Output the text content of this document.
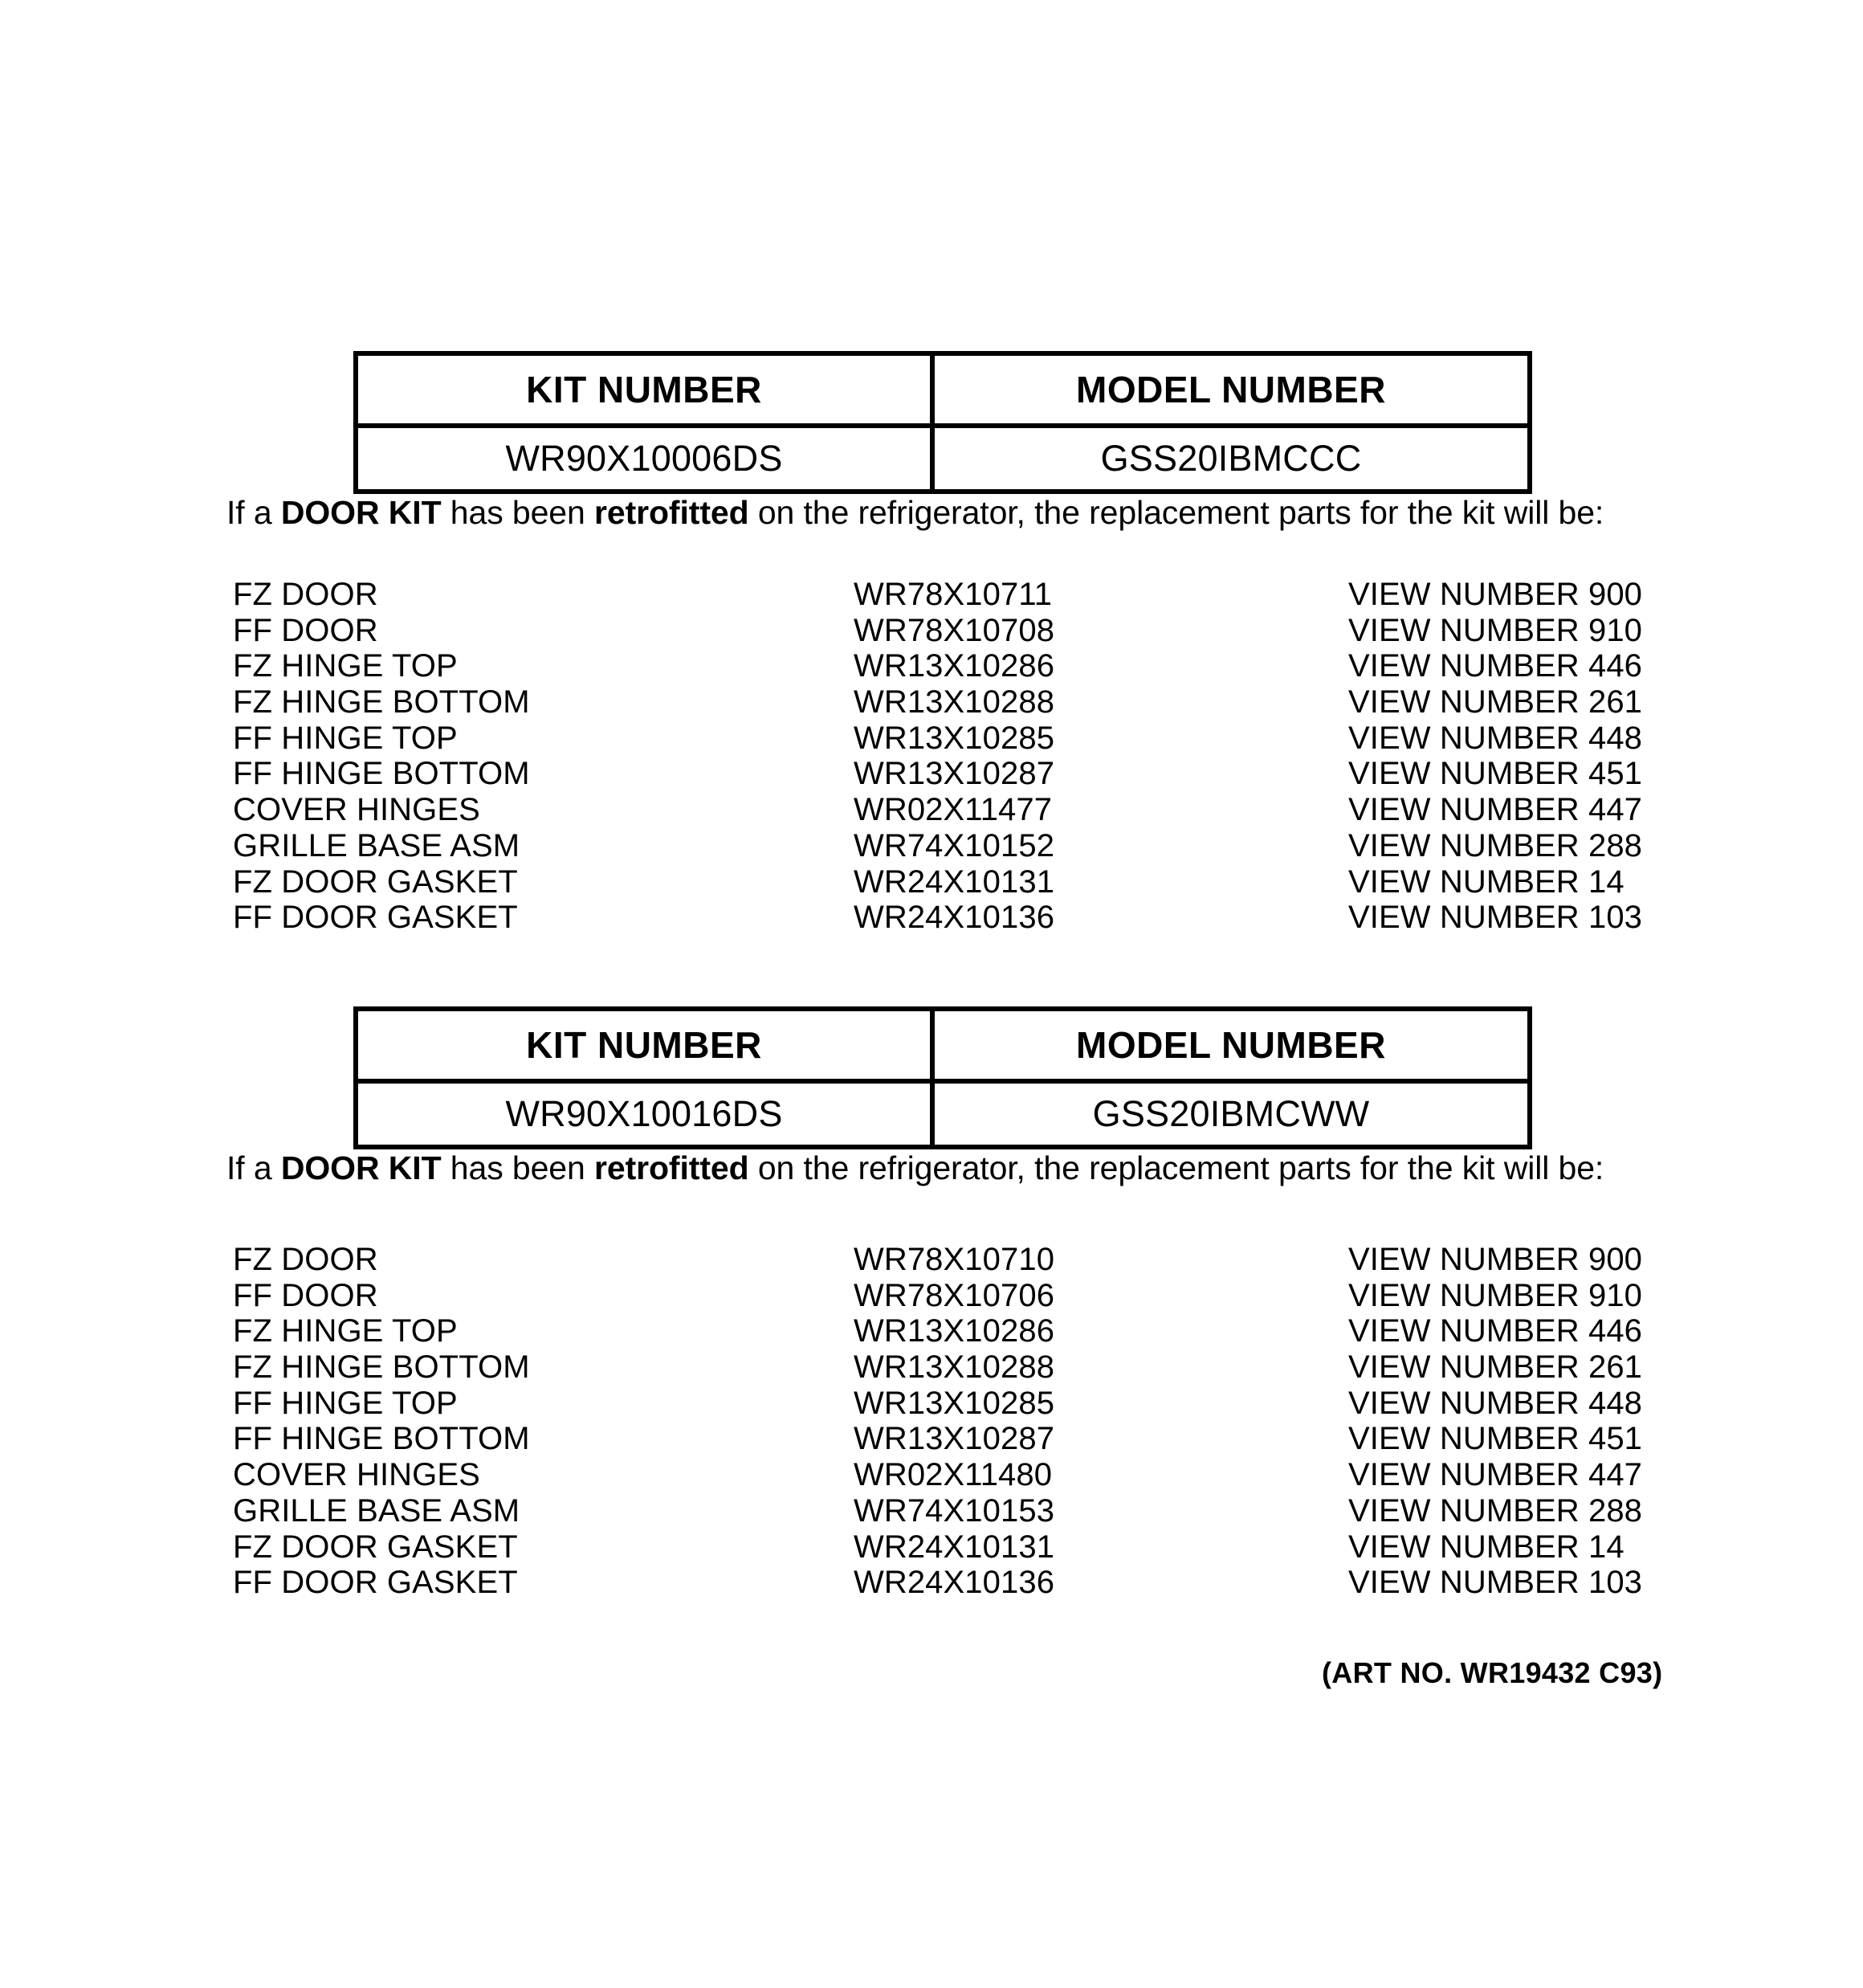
KIT NUMBER	MODEL NUMBER
WR90X10006DS	GSS20IBMCCC
If a DOOR KIT has been retrofitted on the refrigerator, the replacement parts for the kit will be:
FZ DOOR	WR78X10711	VIEW NUMBER 900
FF DOOR	WR78X10708	VIEW NUMBER 910
FZ HINGE TOP	WR13X10286	VIEW NUMBER 446
FZ HINGE BOTTOM	WR13X10288	VIEW NUMBER 261
FF HINGE TOP	WR13X10285	VIEW NUMBER 448
FF HINGE BOTTOM	WR13X10287	VIEW NUMBER 451
COVER HINGES	WR02X11477	VIEW NUMBER 447
GRILLE BASE ASM	WR74X10152	VIEW NUMBER 288
FZ DOOR GASKET	WR24X10131	VIEW NUMBER 14
FF DOOR GASKET	WR24X10136	VIEW NUMBER 103
KIT NUMBER	MODEL NUMBER
WR90X10016DS	GSS20IBMCWW
If a DOOR KIT has been retrofitted on the refrigerator, the replacement parts for the kit will be:
FZ DOOR	WR78X10710	VIEW NUMBER 900
FF DOOR	WR78X10706	VIEW NUMBER 910
FZ HINGE TOP	WR13X10286	VIEW NUMBER 446
FZ HINGE BOTTOM	WR13X10288	VIEW NUMBER 261
FF HINGE TOP	WR13X10285	VIEW NUMBER 448
FF HINGE BOTTOM	WR13X10287	VIEW NUMBER 451
COVER HINGES	WR02X11480	VIEW NUMBER 447
GRILLE BASE ASM	WR74X10153	VIEW NUMBER 288
FZ DOOR GASKET	WR24X10131	VIEW NUMBER 14
FF DOOR GASKET	WR24X10136	VIEW NUMBER 103
(ART NO. WR19432 C93)
